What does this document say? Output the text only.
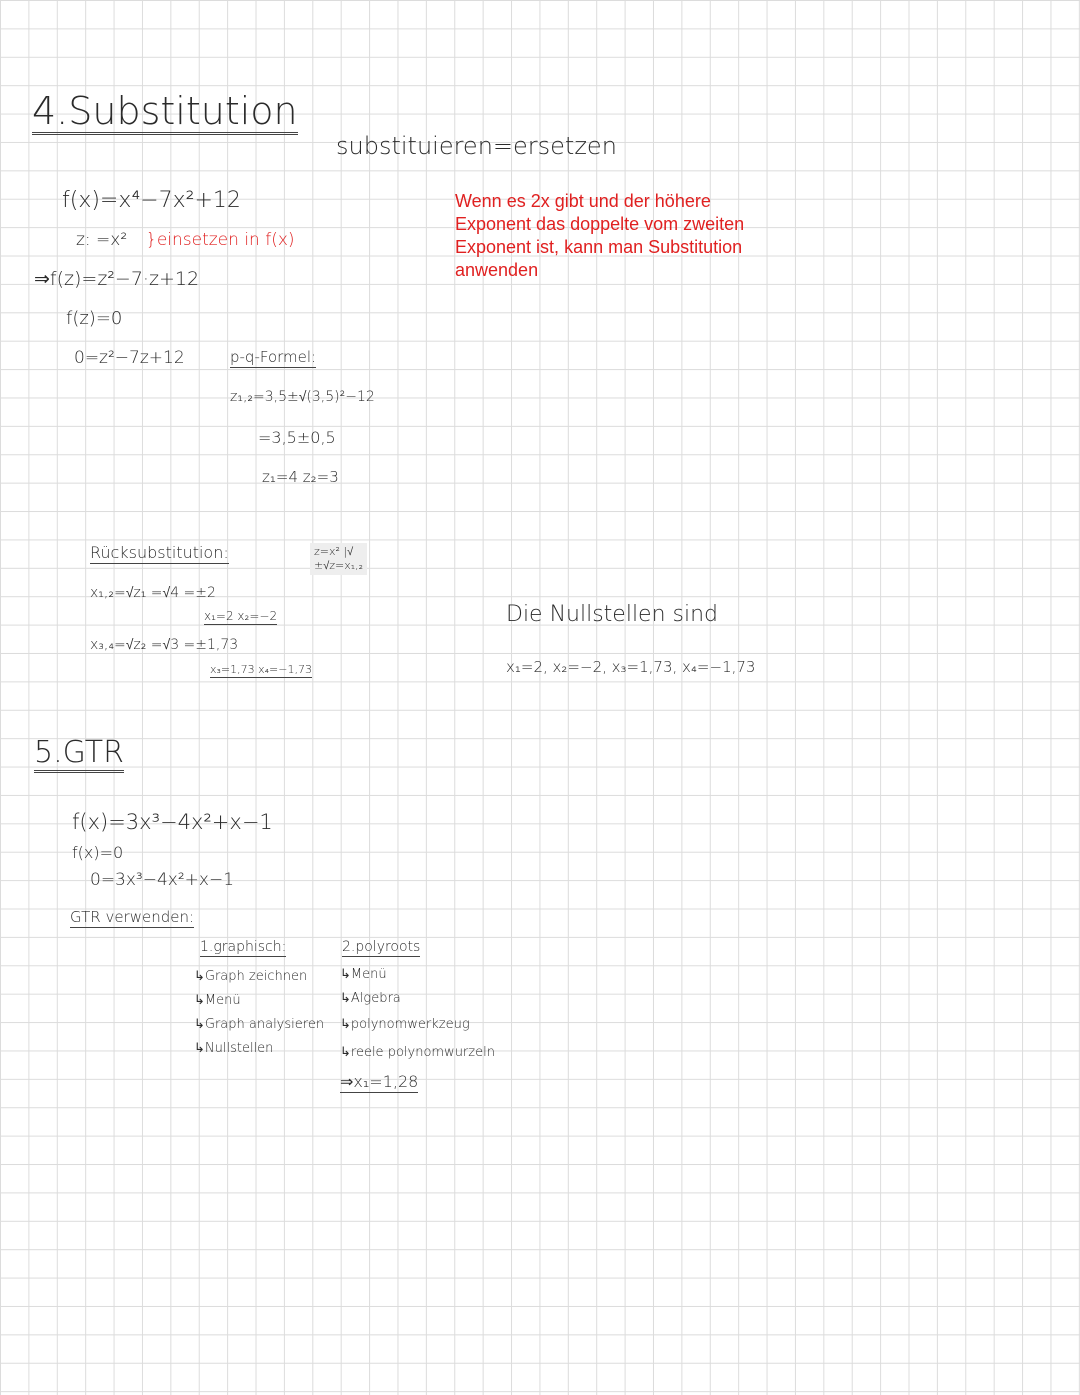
4.Substitution
substituieren=ersetzen
f(x)=x⁴−7x²+12
z: =x² }einsetzen in f(x)
⇒f(z)=z²−7·z+12
f(z)=0
0=z²−7z+12	p-q-Formel:
z₁,₂=3,5±√(3,5)²−12
=3,5±0,5
z₁=4 z₂=3
Wenn es 2x gibt und der höhere Exponent das doppelte vom zweiten Exponent ist, kann man Substitution anwenden
Rücksubstitution:	z=x² |√
±√z=x₁,₂
x₁,₂=√z₁ =√4 =±2
x₁=2 x₂=−2
x₃,₄=√z₂ =√3 =±1,73
x₃=1,73 x₄=−1,73
Die Nullstellen sind
x₁=2, x₂=−2, x₃=1,73, x₄=−1,73
5.GTR
f(x)=3x³−4x²+x−1
f(x)=0
0=3x³−4x²+x−1
GTR verwenden:
1.graphisch:
↳Graph zeichnen
↳Menü
↳Graph analysieren
↳Nullstellen
2.polyroots
↳Menü
↳Algebra
↳polynomwerkzeug
↳reele polynomwurzeln
⇒x₁=1,28
